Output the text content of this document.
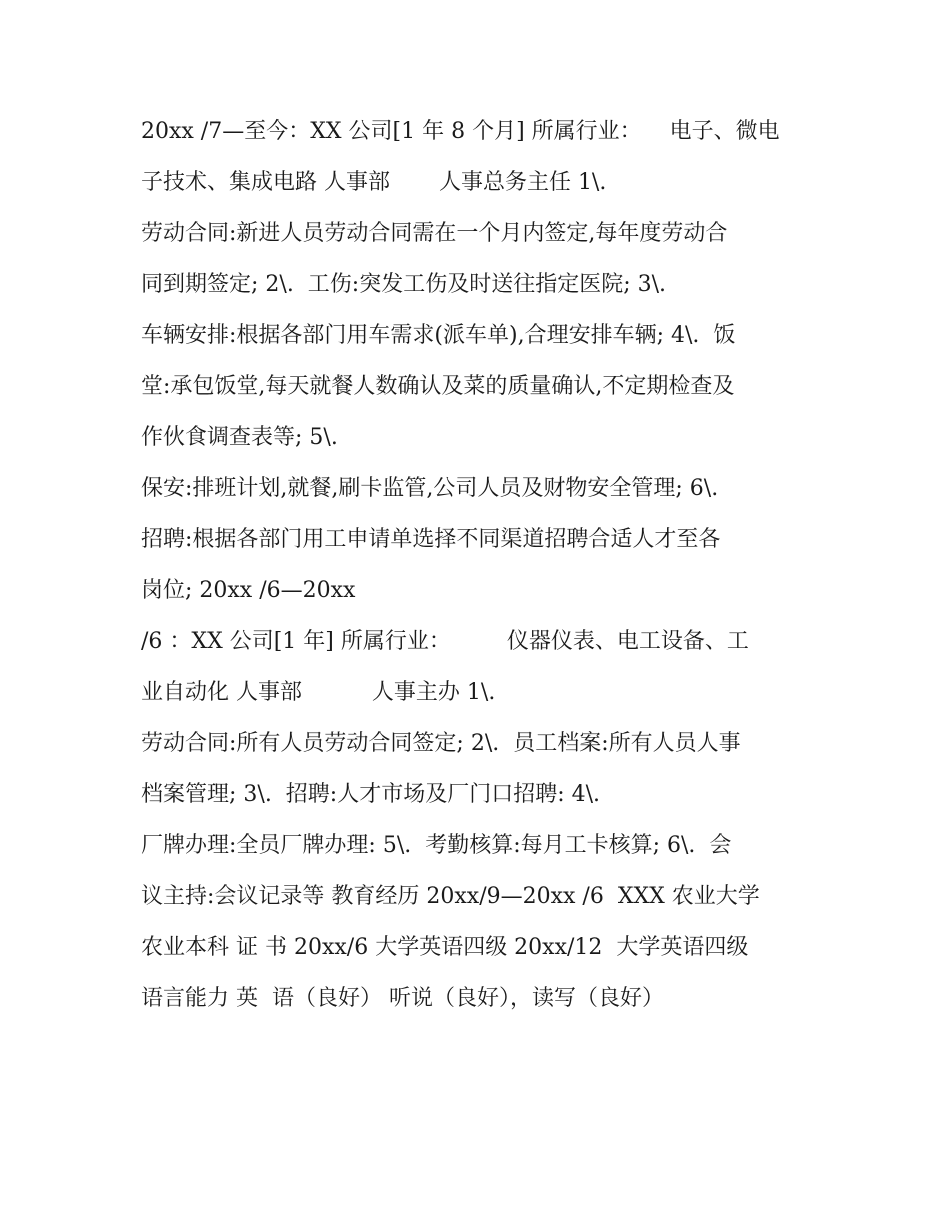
20xx /7—至今：XX 公司[1 年 8 个月] 所属行业：    电子、微电
子技术、集成电路 人事部       人事总务主任 1\.
劳动合同:新进人员劳动合同需在一个月内签定,每年度劳动合
同到期签定; 2\.  工伤:突发工伤及时送往指定医院; 3\.
车辆安排:根据各部门用车需求(派车单),合理安排车辆; 4\.  饭
堂:承包饭堂,每天就餐人数确认及菜的质量确认,不定期检查及
作伙食调查表等; 5\.
保安:排班计划,就餐,刷卡监管,公司人员及财物安全管理; 6\.
招聘:根据各部门用工申请单选择不同渠道招聘合适人才至各
岗位; 20xx /6—20xx
/6 ：XX 公司[1 年] 所属行业：        仪器仪表、电工设备、工
业自动化 人事部          人事主办 1\.
劳动合同:所有人员劳动合同签定; 2\.  员工档案:所有人员人事
档案管理; 3\.  招聘:人才市场及厂门口招聘: 4\.
厂牌办理:全员厂牌办理: 5\.  考勤核算:每月工卡核算; 6\.  会
议主持:会议记录等 教育经历 20xx/9—20xx /6  XXX 农业大学
农业本科 证 书 20xx/6 大学英语四级 20xx/12  大学英语四级
语言能力 英  语（良好） 听说（良好），读写（良好）
